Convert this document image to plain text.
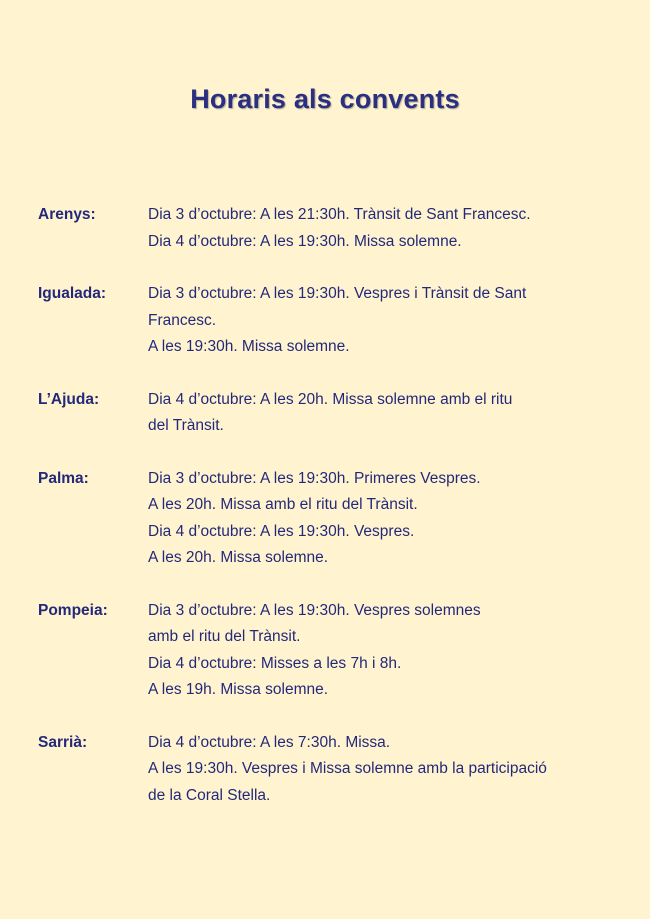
Horaris als convents
Arenys:	Dia 3 d’octubre: A les 21:30h. Trànsit de Sant Francesc.
Dia 4 d’octubre: A les 19:30h. Missa solemne.
Igualada:	Dia 3 d’octubre: A les 19:30h. Vespres i Trànsit de Sant
Francesc.
A les 19:30h. Missa solemne.
L’Ajuda:	Dia 4 d’octubre: A les 20h. Missa solemne amb el ritu
del Trànsit.
Palma:	Dia 3 d’octubre: A les 19:30h. Primeres Vespres.
A les 20h. Missa amb el ritu del Trànsit.
Dia 4 d’octubre: A les 19:30h. Vespres.
A les 20h. Missa solemne.
Pompeia:	Dia 3 d’octubre: A les 19:30h. Vespres solemnes
amb el ritu del Trànsit.
Dia 4 d’octubre: Misses a les 7h i 8h.
A les 19h. Missa solemne.
Sarrià:	Dia 4 d’octubre: A les 7:30h. Missa.
A les 19:30h. Vespres i Missa solemne amb la participació
de la Coral Stella.
